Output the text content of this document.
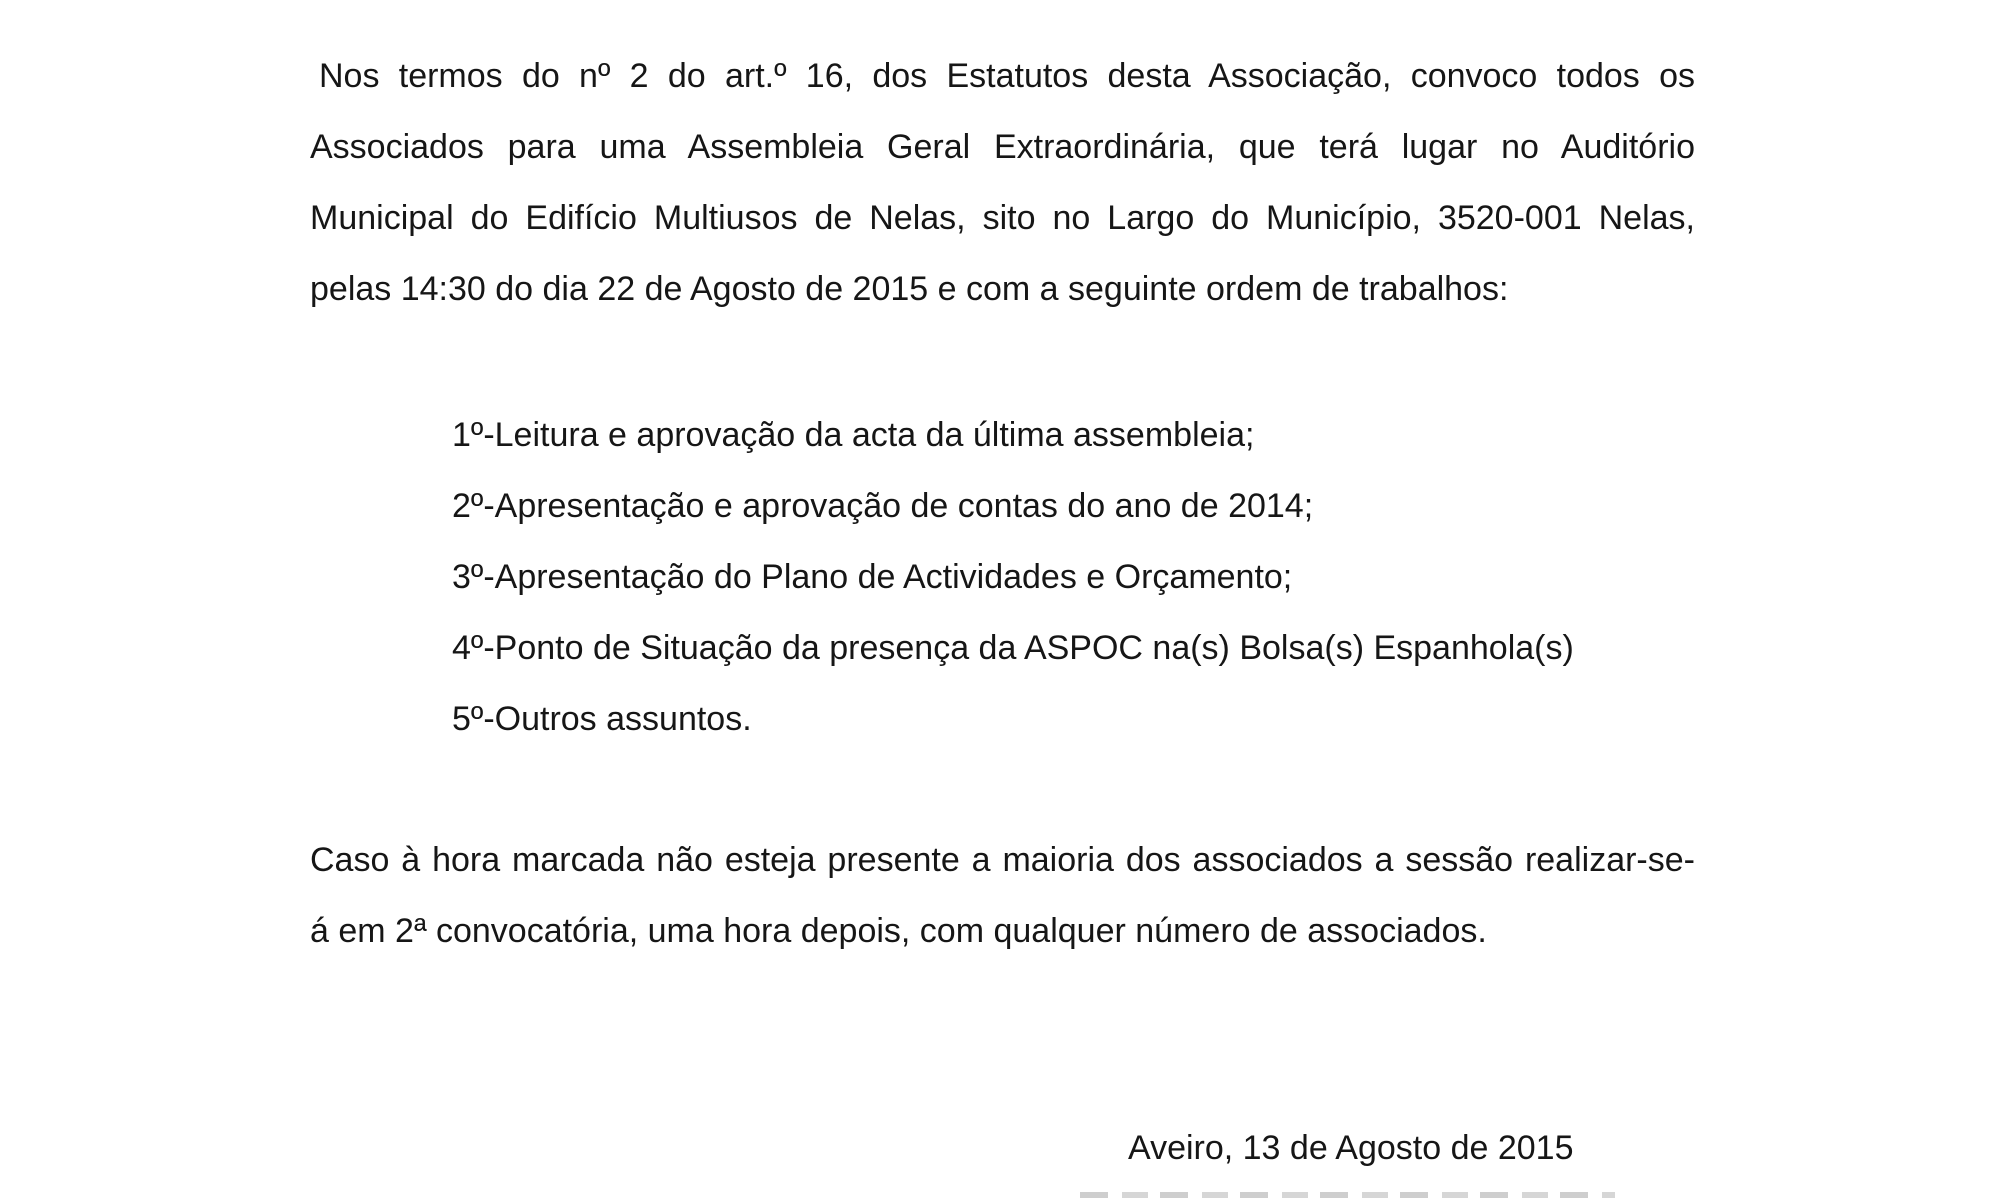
Nos termos do nº 2 do art.º 16, dos Estatutos desta Associação, convoco todos os
Associados para uma Assembleia Geral Extraordinária, que terá lugar no Auditório
Municipal do Edifício Multiusos de Nelas, sito no Largo do Município, 3520-001 Nelas,
pelas 14:30 do dia 22 de Agosto de 2015 e com a seguinte ordem de trabalhos:
1º-Leitura e aprovação da acta da última assembleia;
2º-Apresentação e aprovação de contas do ano de 2014;
3º-Apresentação do Plano de Actividades e Orçamento;
4º-Ponto de Situação da presença da ASPOC na(s) Bolsa(s) Espanhola(s)
5º-Outros assuntos.
Caso à hora marcada não esteja presente a maioria dos associados a sessão realizar-se-
á em 2ª convocatória, uma hora depois, com qualquer número de associados.
Aveiro, 13 de Agosto de 2015
